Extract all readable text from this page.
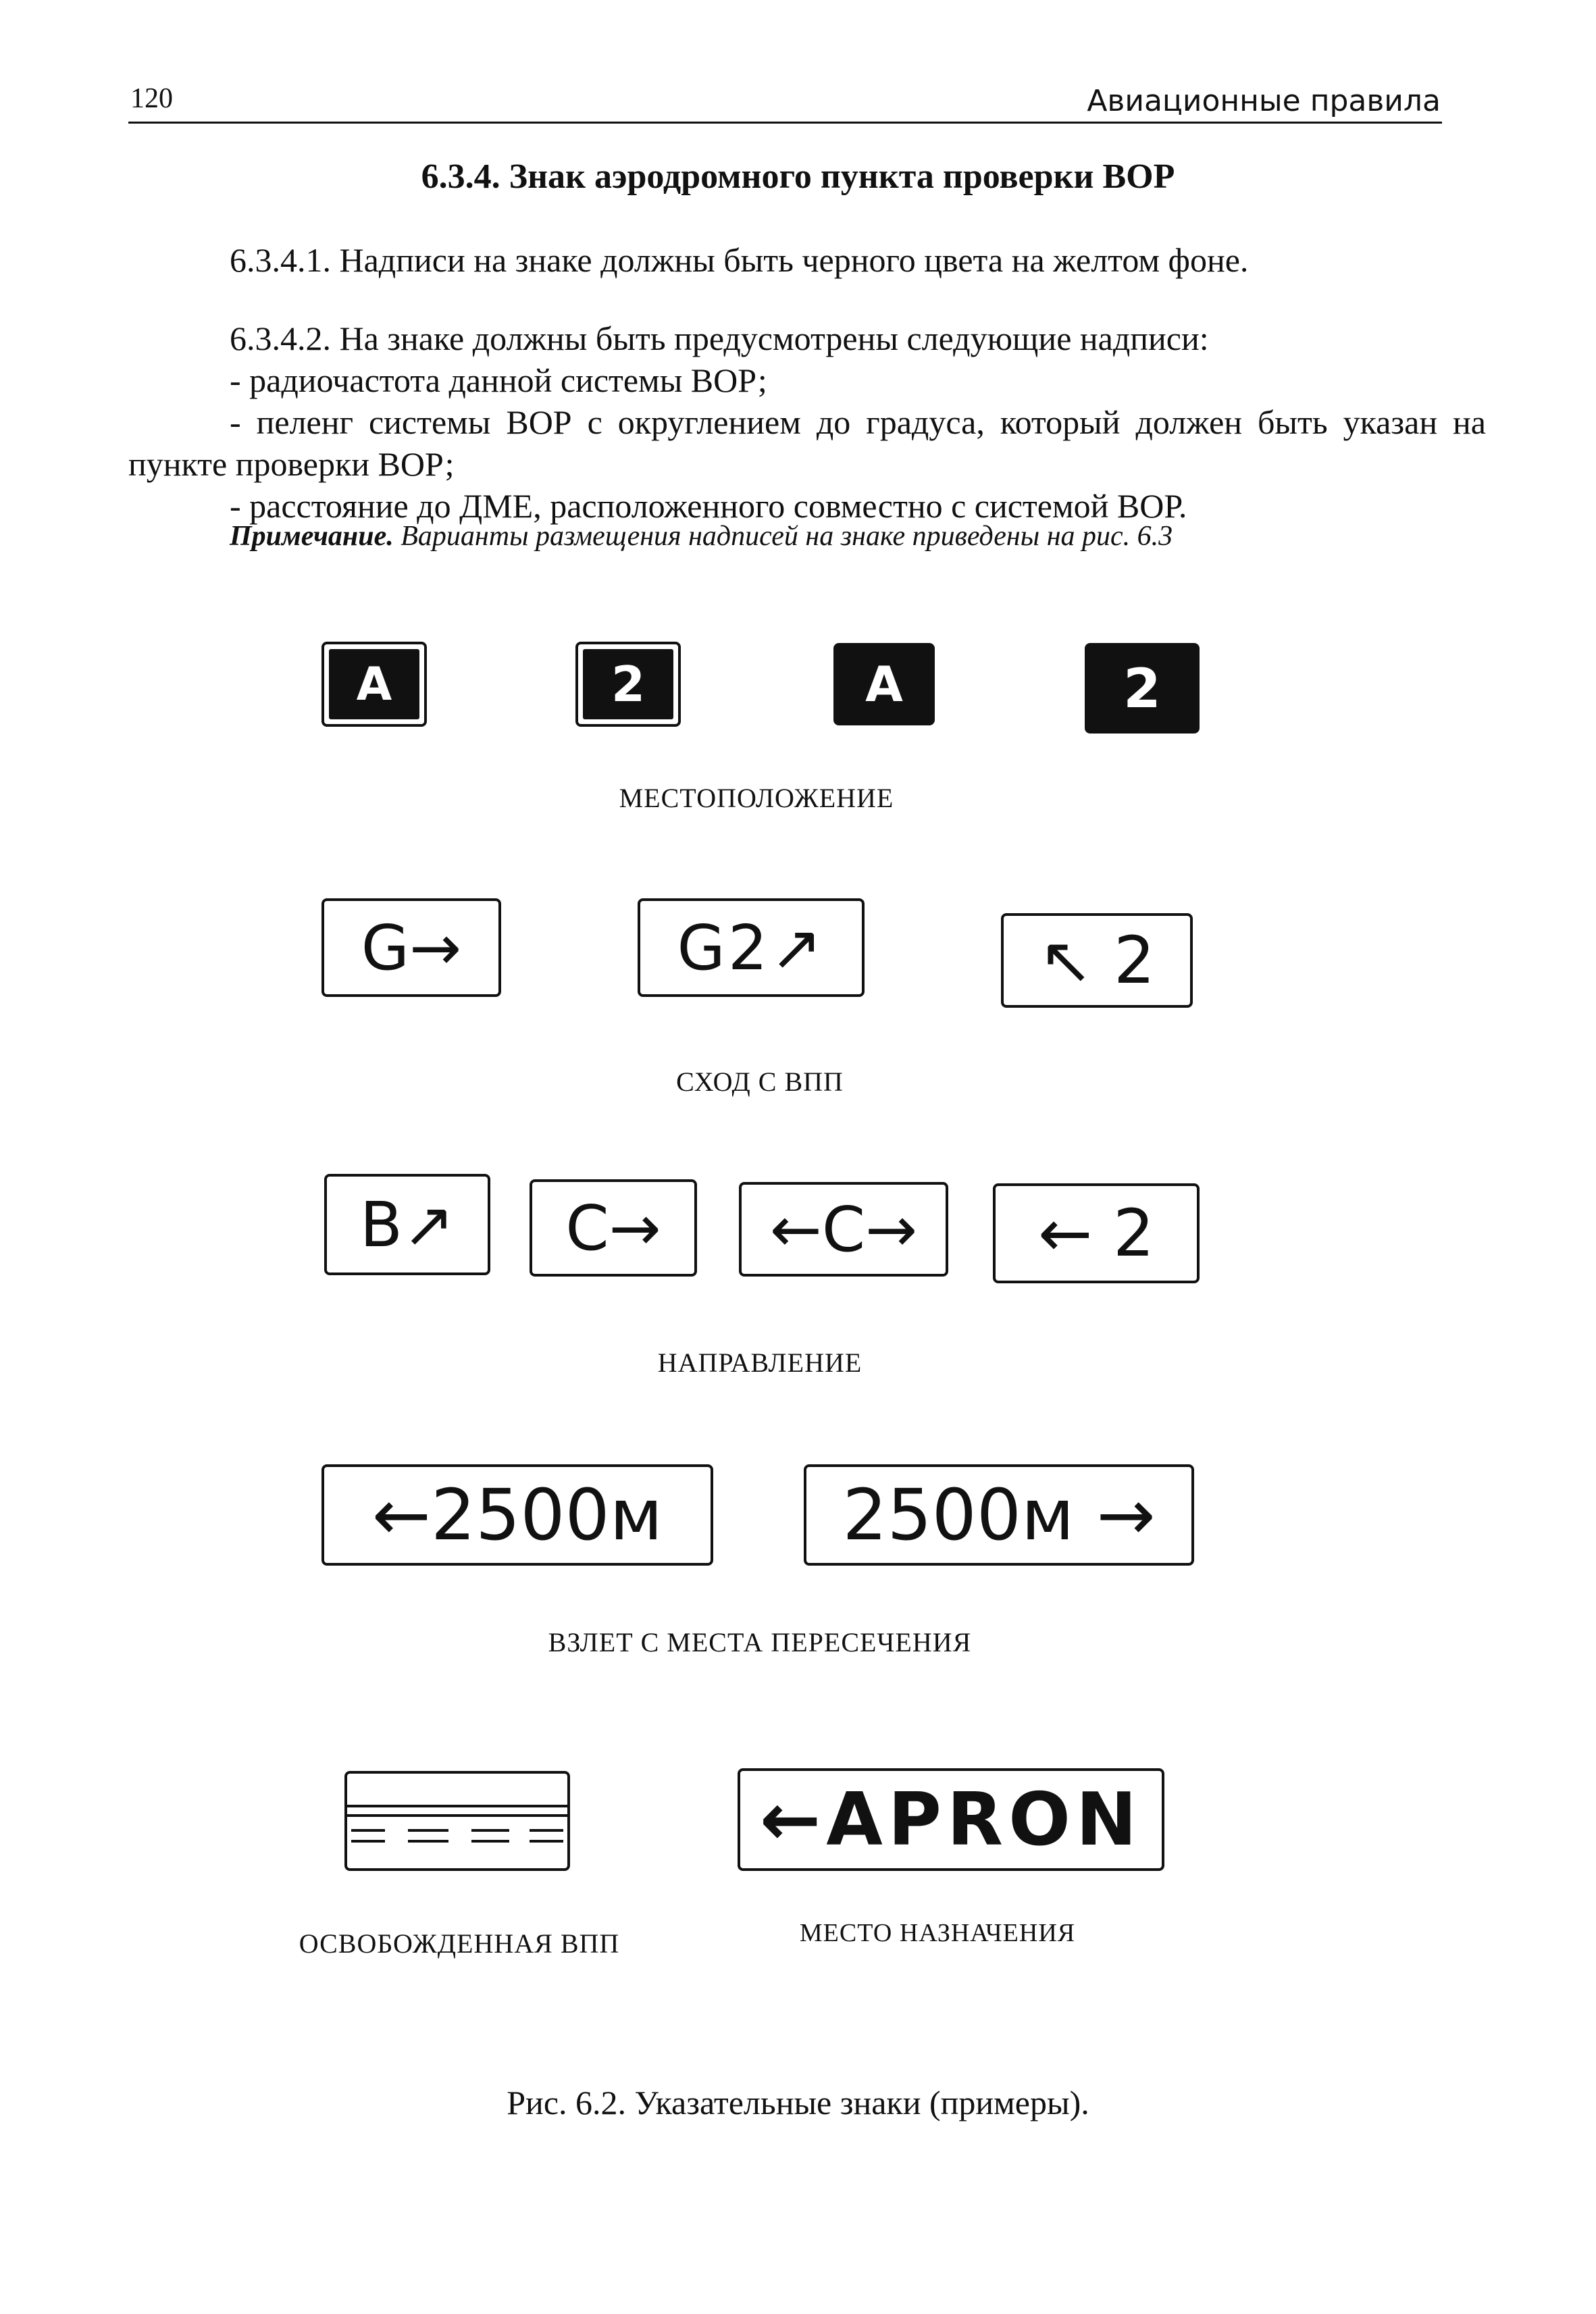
120	Авиационные правила
6.3.4. Знак аэродромного пункта проверки ВОР
6.3.4.1. Надписи на знаке должны быть черного цвета на желтом фоне.
6.3.4.2. На знаке должны быть предусмотрены следующие надписи:
- радиочастота данной системы ВОР;
- пеленг системы ВОР с округлением до градуса, который должен быть указан на
пункте проверки ВОР;
- расстояние до ДМЕ, расположенного совместно с системой ВОР.
Примечание. Варианты размещения надписей на знаке приведены на рис. 6.3
A	2	A	2
МЕСТОПОЛОЖЕНИЕ
G→	G2↗	↖ 2
СХОД С ВПП
B↗	C→	←C→	← 2
НАПРАВЛЕНИЕ
←2500м	2500м →
ВЗЛЕТ С МЕСТА ПЕРЕСЕЧЕНИЯ
←APRON
ОСВОБОЖДЕННАЯ ВПП	МЕСТО НАЗНАЧЕНИЯ
Рис. 6.2. Указательные знаки (примеры).
